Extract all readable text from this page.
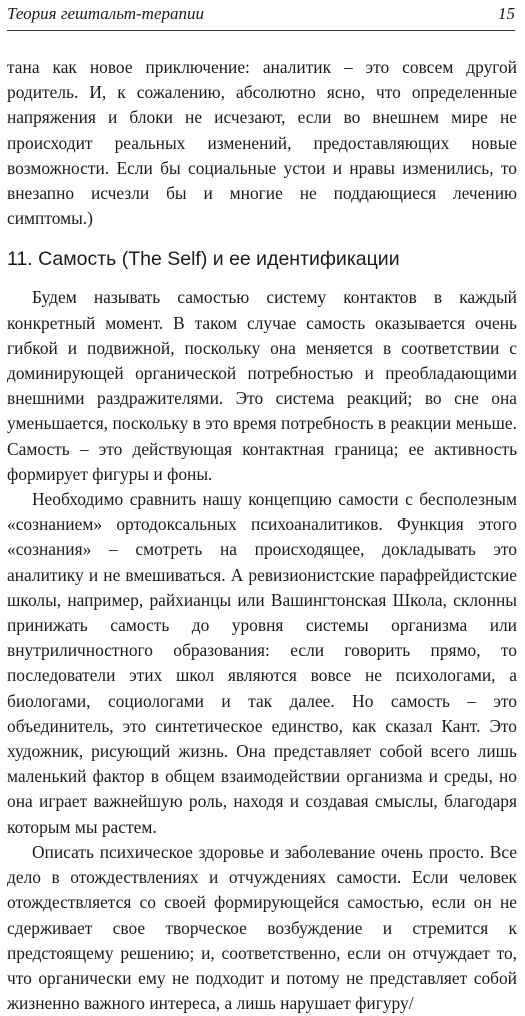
Теория гештальт-терапии	15

тана как новое приключение: аналитик – это совсем другой родитель. И, к сожалению, абсолютно ясно, что определенные напряжения и блоки не исчезают, если во внешнем мире не происходит реальных изменений, предоставляющих новые возможности. Если бы социальные устои и нравы изменились, то внезапно исчезли бы и многие не поддающиеся лечению симптомы.)

11. Самость (The Self) и ее идентификации

Будем называть самостью систему контактов в каждый конкретный момент. В таком случае самость оказывается очень гибкой и подвижной, поскольку она меняется в соответствии с доминирующей органической потребностью и преобладающими внешними раздражителями. Это система реакций; во сне она уменьшается, поскольку в это время потребность в реакции меньше. Самость – это действующая контактная граница; ее активность формирует фигуры и фоны.

Необходимо сравнить нашу концепцию самости с бесполезным «сознанием» ортодоксальных психоаналитиков. Функция этого «сознания» – смотреть на происходящее, докладывать это аналитику и не вмешиваться. А ревизионистские парафрейдистские школы, например, райхианцы или Вашингтонская Школа, склонны принижать самость до уровня системы организма или внутриличностного образования: если говорить прямо, то последователи этих школ являются вовсе не психологами, а биологами, социологами и так далее. Но самость – это объединитель, это синтетическое единство, как сказал Кант. Это художник, рисующий жизнь. Она представляет собой всего лишь маленький фактор в общем взаимодействии организма и среды, но она играет важнейшую роль, находя и создавая смыслы, благодаря которым мы растем.

Описать психическое здоровье и заболевание очень просто. Все дело в отождествлениях и отчуждениях самости. Если человек отождествляется со своей формирующейся самостью, если он не сдерживает свое творческое возбуждение и стремится к предстоящему решению; и, соответственно, если он отчуждает то, что органически ему не подходит и потому не представляет собой жизненно важного интереса, а лишь нарушает фигуру/
